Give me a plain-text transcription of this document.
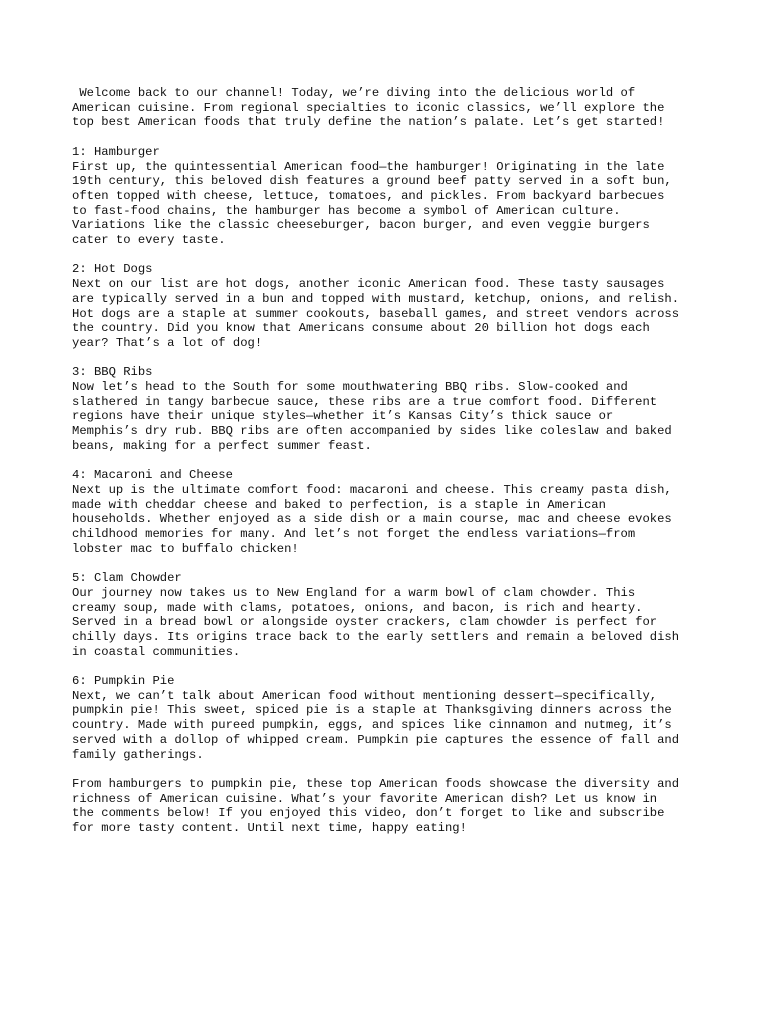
Welcome back to our channel! Today, we’re diving into the delicious world of
American cuisine. From regional specialties to iconic classics, we’ll explore the
top best American foods that truly define the nation’s palate. Let’s get started!

1: Hamburger
First up, the quintessential American food—the hamburger! Originating in the late
19th century, this beloved dish features a ground beef patty served in a soft bun,
often topped with cheese, lettuce, tomatoes, and pickles. From backyard barbecues
to fast-food chains, the hamburger has become a symbol of American culture.
Variations like the classic cheeseburger, bacon burger, and even veggie burgers
cater to every taste.
2: Hot Dogs
Next on our list are hot dogs, another iconic American food. These tasty sausages
are typically served in a bun and topped with mustard, ketchup, onions, and relish.
Hot dogs are a staple at summer cookouts, baseball games, and street vendors across
the country. Did you know that Americans consume about 20 billion hot dogs each
year? That’s a lot of dog!
3: BBQ Ribs
Now let’s head to the South for some mouthwatering BBQ ribs. Slow-cooked and
slathered in tangy barbecue sauce, these ribs are a true comfort food. Different
regions have their unique styles—whether it’s Kansas City’s thick sauce or
Memphis’s dry rub. BBQ ribs are often accompanied by sides like coleslaw and baked
beans, making for a perfect summer feast.
4: Macaroni and Cheese
Next up is the ultimate comfort food: macaroni and cheese. This creamy pasta dish,
made with cheddar cheese and baked to perfection, is a staple in American
households. Whether enjoyed as a side dish or a main course, mac and cheese evokes
childhood memories for many. And let’s not forget the endless variations—from
lobster mac to buffalo chicken!
5: Clam Chowder
Our journey now takes us to New England for a warm bowl of clam chowder. This
creamy soup, made with clams, potatoes, onions, and bacon, is rich and hearty.
Served in a bread bowl or alongside oyster crackers, clam chowder is perfect for
chilly days. Its origins trace back to the early settlers and remain a beloved dish
in coastal communities.
6: Pumpkin Pie
Next, we can’t talk about American food without mentioning dessert—specifically,
pumpkin pie! This sweet, spiced pie is a staple at Thanksgiving dinners across the
country. Made with pureed pumpkin, eggs, and spices like cinnamon and nutmeg, it’s
served with a dollop of whipped cream. Pumpkin pie captures the essence of fall and
family gatherings.

From hamburgers to pumpkin pie, these top American foods showcase the diversity and
richness of American cuisine. What’s your favorite American dish? Let us know in
the comments below! If you enjoyed this video, don’t forget to like and subscribe
for more tasty content. Until next time, happy eating!
